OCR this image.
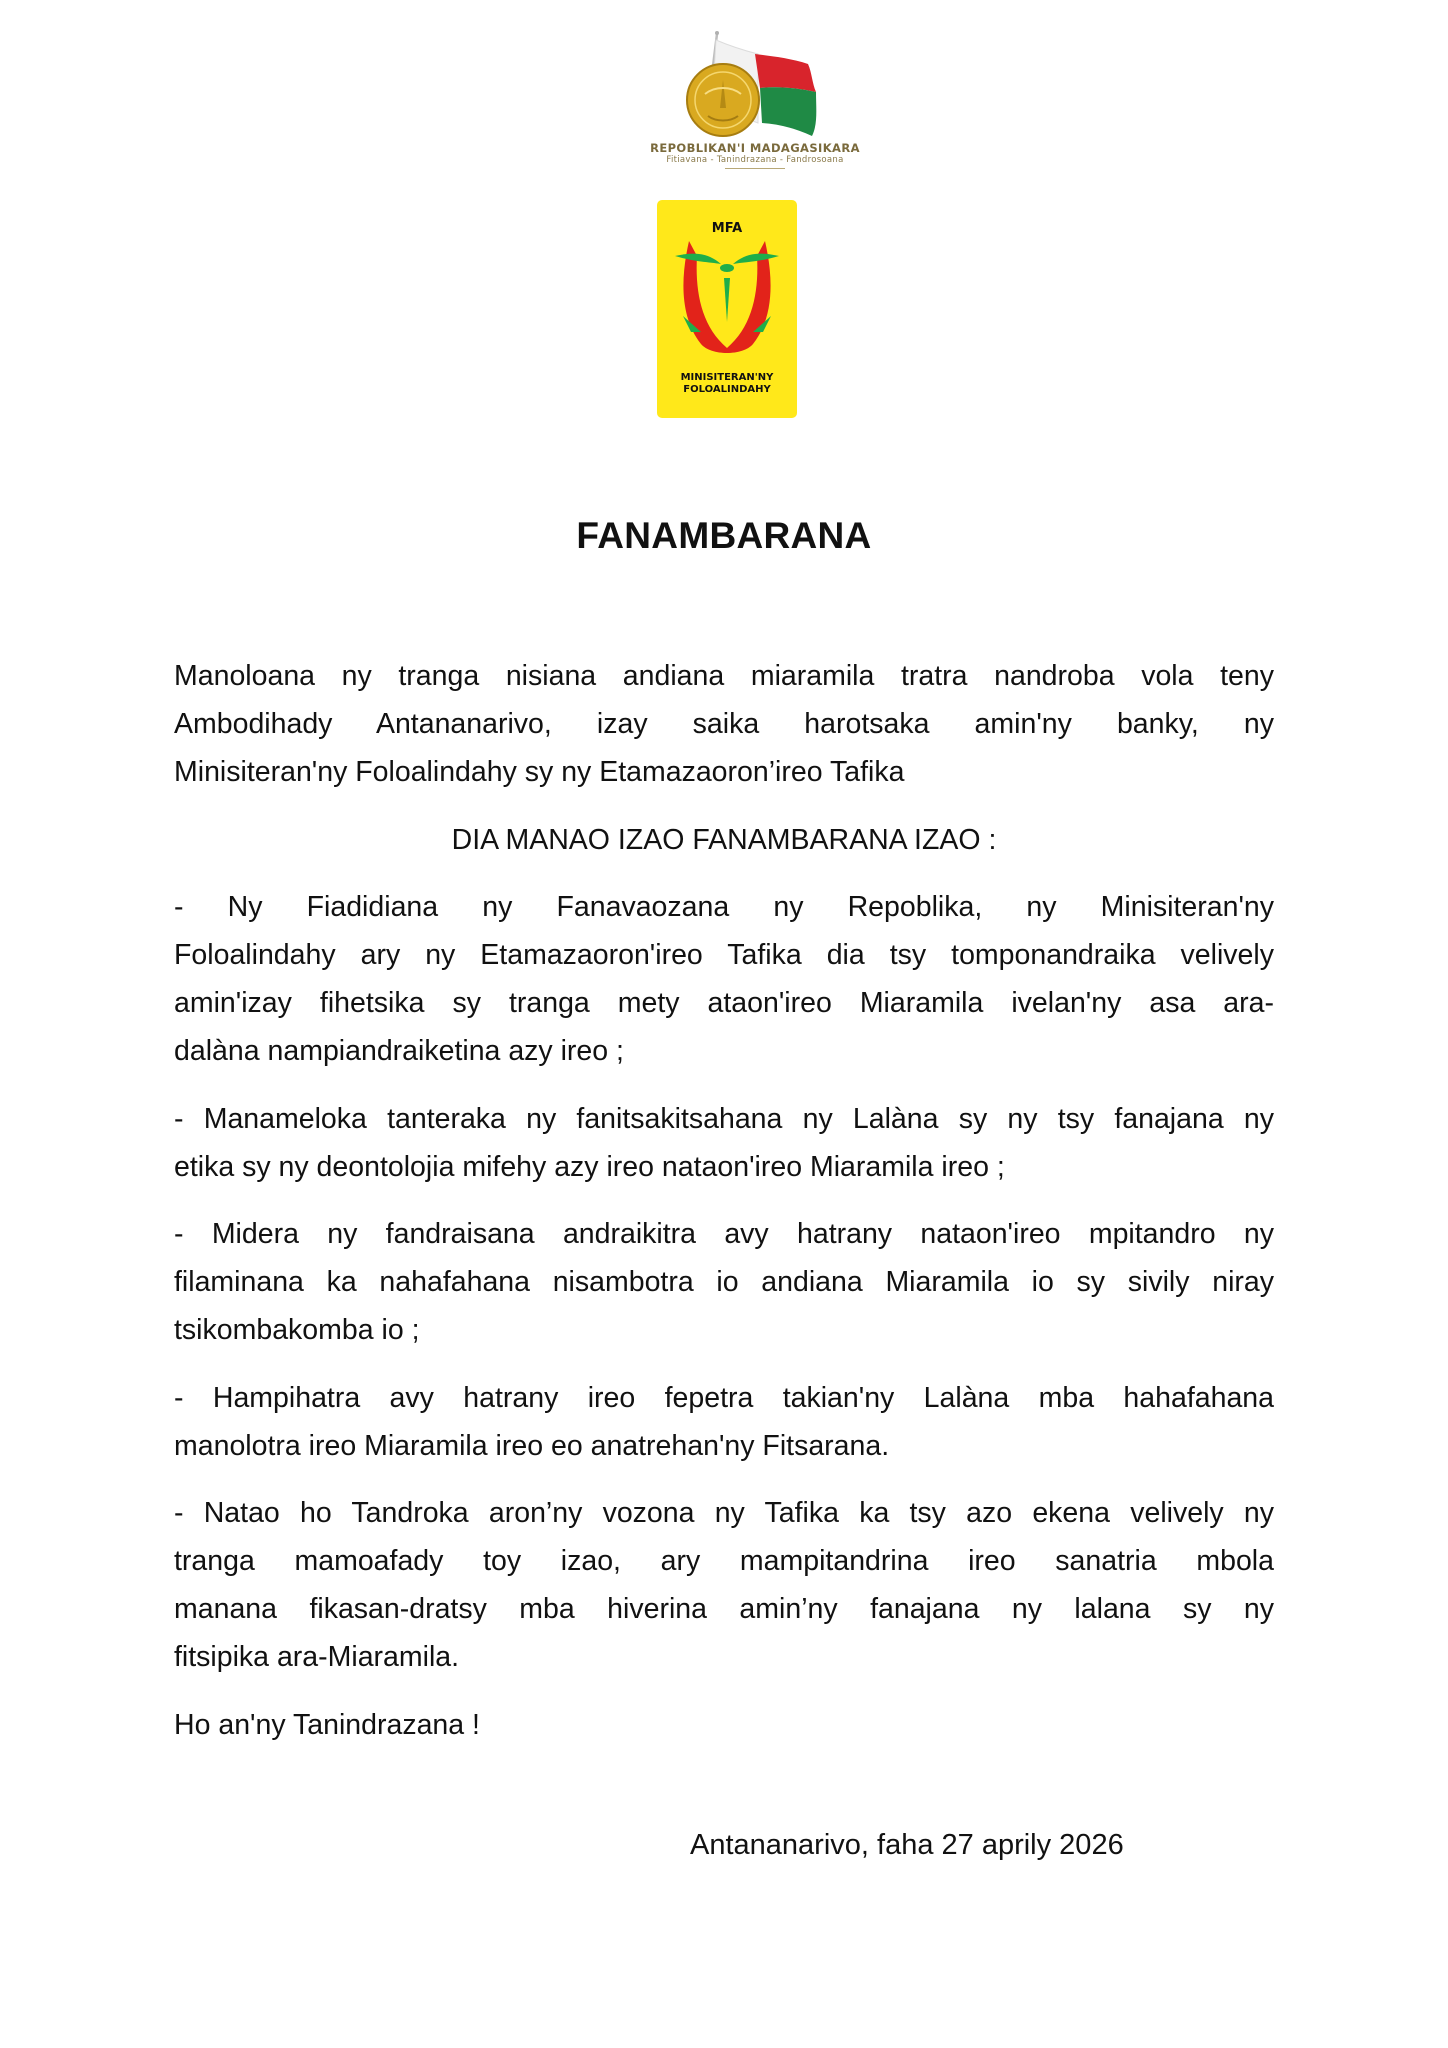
REPOBLIKAN'I MADAGASIKARA
Fitiavana - Tanindrazana - Fandrosoana
MFA
MINISITERAN'NY
FOLOALINDAHY
FANAMBARANA
Manoloana ny tranga nisiana andiana miaramila tratra nandroba vola teny
Ambodihady Antananarivo, izay saika harotsaka amin'ny banky, ny
Minisiteran'ny Foloalindahy sy ny Etamazaoron’ireo Tafika
DIA MANAO IZAO FANAMBARANA IZAO :
- Ny Fiadidiana ny Fanavaozana ny Repoblika, ny Minisiteran'ny
Foloalindahy ary ny Etamazaoron'ireo Tafika dia tsy tomponandraika velively
amin'izay fihetsika sy tranga mety ataon'ireo Miaramila ivelan'ny asa ara-
dalàna nampiandraiketina azy ireo ;
- Manameloka tanteraka ny fanitsakitsahana ny Lalàna sy ny tsy fanajana ny
etika sy ny deontolojia mifehy azy ireo nataon'ireo Miaramila ireo ;
- Midera ny fandraisana andraikitra avy hatrany nataon'ireo mpitandro ny
filaminana ka nahafahana nisambotra io andiana Miaramila io sy sivily niray
tsikombakomba io ;
- Hampihatra avy hatrany ireo fepetra takian'ny Lalàna mba hahafahana
manolotra ireo Miaramila ireo eo anatrehan'ny Fitsarana.
- Natao ho Tandroka aron’ny vozona ny Tafika ka tsy azo ekena velively ny
tranga mamoafady toy izao, ary mampitandrina ireo sanatria mbola
manana fikasan-dratsy mba hiverina amin’ny fanajana ny lalana sy ny
fitsipika ara-Miaramila.
Ho an'ny Tanindrazana !
Antananarivo, faha 27 aprily 2026
